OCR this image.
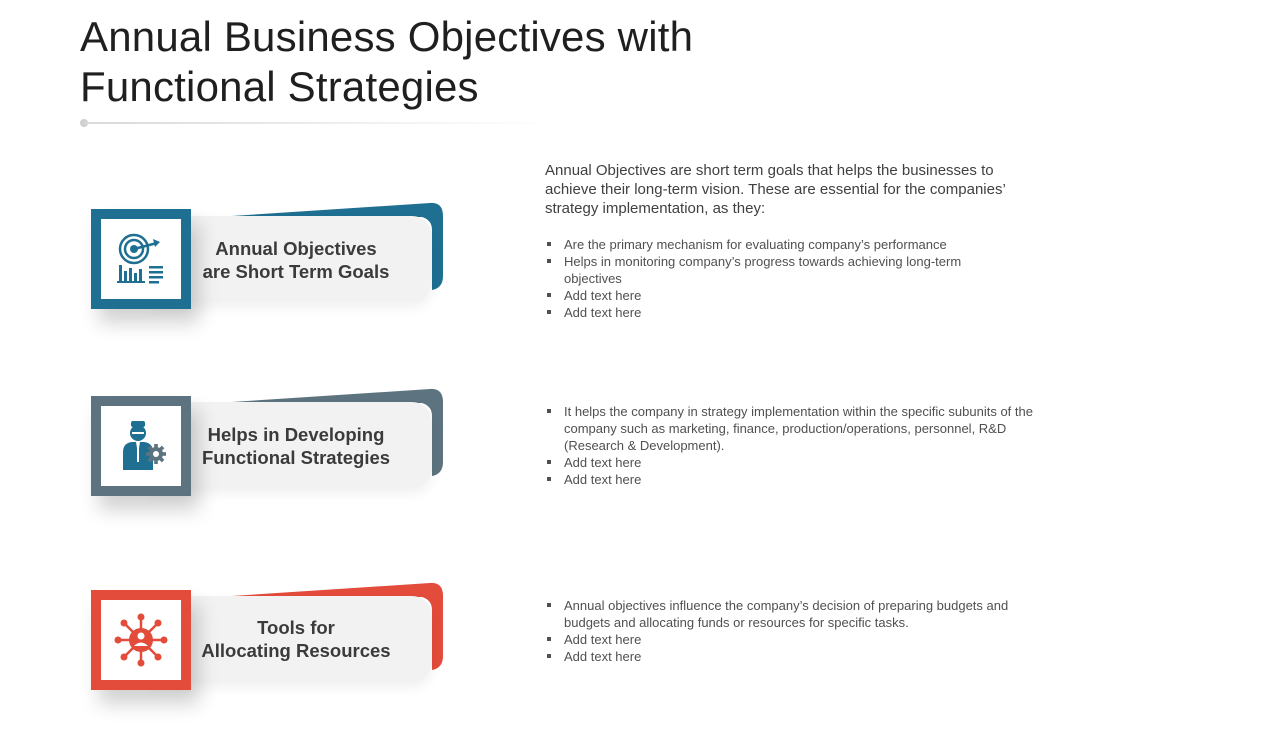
Annual Business Objectives with
Functional Strategies
Annual Objectives
are Short Term Goals

Annual Objectives are short term goals that helps the businesses to achieve their long-term vision. These are essential for the companies’ strategy implementation, as they:

Are the primary mechanism for evaluating company’s performance
Helps in monitoring company’s progress towards achieving long-term objectives
Add text here
Add text here
Helps in Developing
Functional Strategies
It helps the company in strategy implementation within the specific subunits of the company such as marketing, finance, production/operations, personnel, R&D (Research & Development).
Add text here
Add text here
Tools for
Allocating Resources
Annual objectives influence the company’s decision of preparing budgets and budgets and allocating funds or resources for specific tasks.
Add text here
Add text here
